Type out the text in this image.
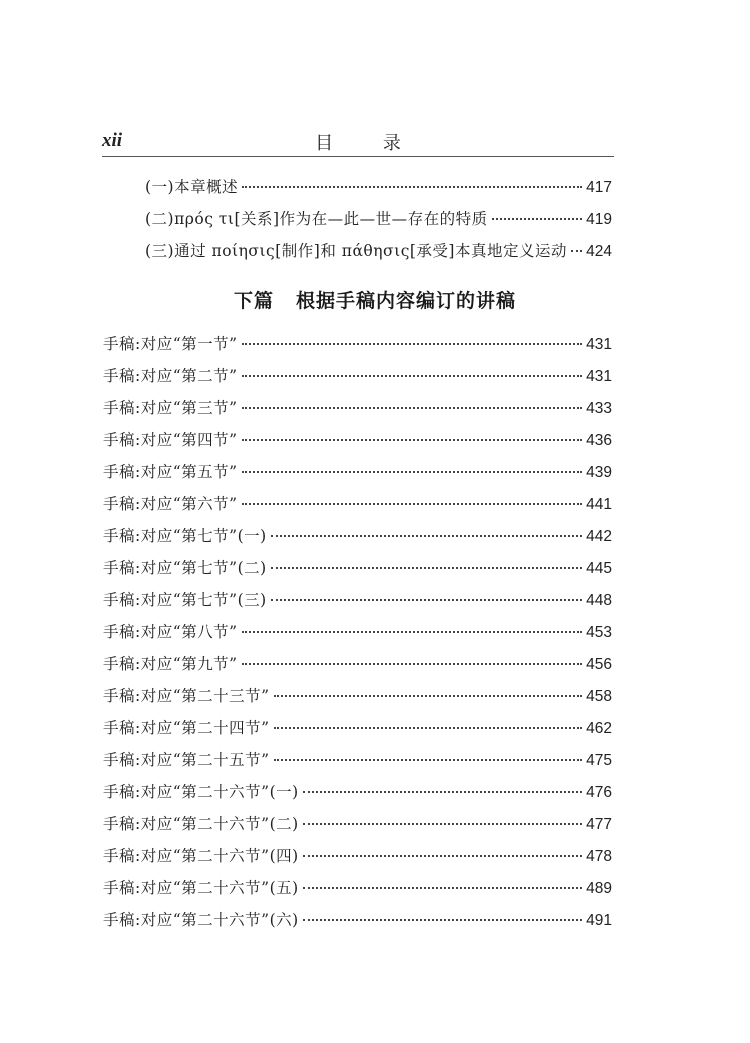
xii	目 录
(一)本章概述	417
(二)πρός τι[关系]作为在—此—世—存在的特质	419
(三)通过 ποίησις[制作]和 πάθησις[承受]本真地定义运动 424
下篇 根据手稿内容编订的讲稿
手稿:对应“第一节”	431
手稿:对应“第二节”	431
手稿:对应“第三节”	433
手稿:对应“第四节”	436
手稿:对应“第五节”	439
手稿:对应“第六节”	441
手稿:对应“第七节”(一)	442
手稿:对应“第七节”(二)	445
手稿:对应“第七节”(三)	448
手稿:对应“第八节”	453
手稿:对应“第九节”	456
手稿:对应“第二十三节”	458
手稿:对应“第二十四节”	462
手稿:对应“第二十五节”	475
手稿:对应“第二十六节”(一)	476
手稿:对应“第二十六节”(二)	477
手稿:对应“第二十六节”(四)	478
手稿:对应“第二十六节”(五)	489
手稿:对应“第二十六节”(六)	491
